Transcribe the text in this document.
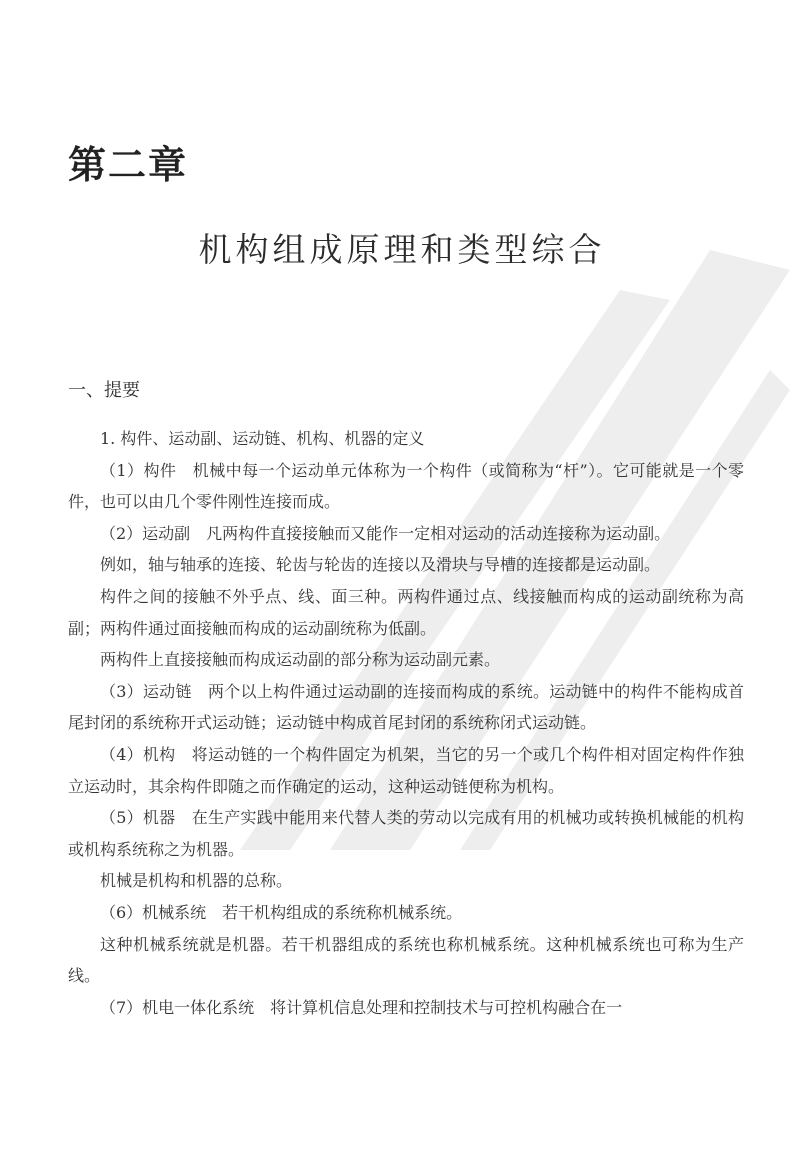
第二章
机构组成原理和类型综合
一、提要

1. 构件、运动副、运动链、机构、机器的定义

（1）构件　机械中每一个运动单元体称为一个构件（或简称为“杆”）。它可能就是一个零件，也可以由几个零件刚性连接而成。

（2）运动副　凡两构件直接接触而又能作一定相对运动的活动连接称为运动副。

例如，轴与轴承的连接、轮齿与轮齿的连接以及滑块与导槽的连接都是运动副。

构件之间的接触不外乎点、线、面三种。两构件通过点、线接触而构成的运动副统称为高副；两构件通过面接触而构成的运动副统称为低副。

两构件上直接接触而构成运动副的部分称为运动副元素。

（3）运动链　两个以上构件通过运动副的连接而构成的系统。运动链中的构件不能构成首尾封闭的系统称开式运动链；运动链中构成首尾封闭的系统称闭式运动链。

（4）机构　将运动链的一个构件固定为机架，当它的另一个或几个构件相对固定构件作独立运动时，其余构件即随之而作确定的运动，这种运动链便称为机构。

（5）机器　在生产实践中能用来代替人类的劳动以完成有用的机械功或转换机械能的机构或机构系统称之为机器。

机械是机构和机器的总称。

（6）机械系统　若干机构组成的系统称机械系统。

这种机械系统就是机器。若干机器组成的系统也称机械系统。这种机械系统也可称为生产线。

（7）机电一体化系统　将计算机信息处理和控制技术与可控机构融合在一
